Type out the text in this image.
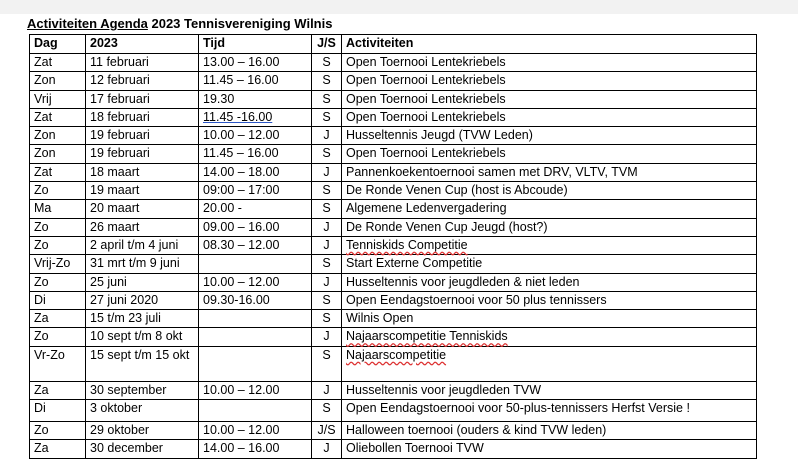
Activiteiten Agenda 2023 Tennisvereniging Wilnis
Dag	2023	Tijd	J/S	Activiteiten
Zat	11 februari	13.00 – 16.00	S	Open Toernooi Lentekriebels
Zon	12 februari	11.45 – 16.00	S	Open Toernooi Lentekriebels
Vrij	17 februari	19.30	S	Open Toernooi Lentekriebels
Zat	18 februari	11.45 -16.00	S	Open Toernooi Lentekriebels
Zon	19 februari	10.00 – 12.00	J	Husseltennis Jeugd (TVW Leden)
Zon	19 februari	11.45 – 16.00	S	Open Toernooi Lentekriebels
Zat	18 maart	14.00 – 18.00	J	Pannenkoekentoernooi samen met DRV, VLTV, TVM
Zo	19 maart	09:00 – 17:00	S	De Ronde Venen Cup (host is Abcoude)
Ma	20 maart	20.00 -	S	Algemene Ledenvergadering
Zo	26 maart	09.00 – 16.00	J	De Ronde Venen Cup Jeugd (host?)
Zo	2 april t/m 4 juni	08.30 – 12.00	J	Tenniskids Competitie
Vrij-Zo	31 mrt t/m 9 juni		S	Start Externe Competitie
Zo	25 juni	10.00 – 12.00	J	Husseltennis voor jeugdleden & niet leden
Di	27 juni 2020	09.30-16.00	S	Open Eendagstoernooi voor 50 plus tennissers
Za	15 t/m 23 juli		S	Wilnis Open
Zo	10 sept t/m 8 okt		J	Najaarscompetitie Tenniskids
Vr-Zo	15 sept t/m 15 okt		S	Najaarscompetitie
Za	30 september	10.00 – 12.00	J	Husseltennis voor jeugdleden TVW
Di	3 oktober		S	Open Eendagstoernooi voor 50-plus-tennissers Herfst Versie !
Zo	29 oktober	10.00 – 12.00	J/S	Halloween toernooi (ouders & kind TVW leden)
Za	30 december	14.00 – 16.00	J	Oliebollen Toernooi TVW
